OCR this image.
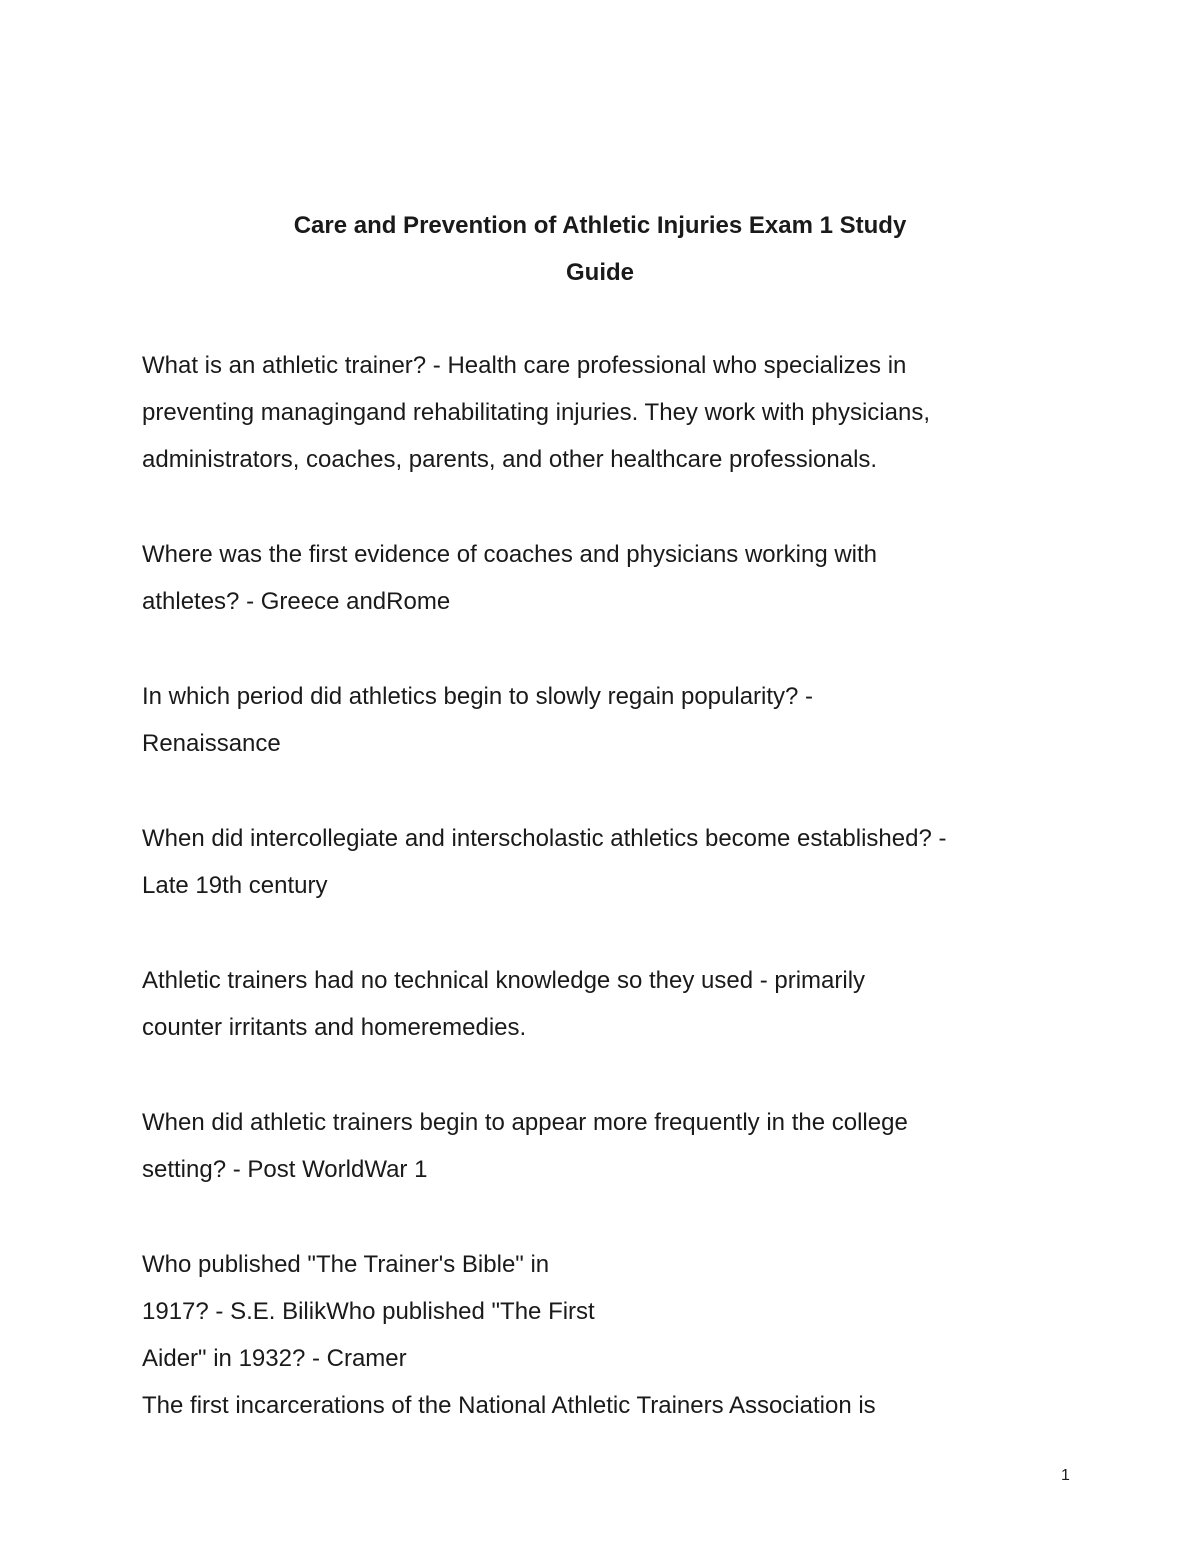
Care and Prevention of Athletic Injuries Exam 1 Study
Guide
What is an athletic trainer? - Health care professional who specializes in
preventing managingand rehabilitating injuries. They work with physicians,
administrators, coaches, parents, and other healthcare professionals.
Where was the first evidence of coaches and physicians working with
athletes? - Greece andRome
In which period did athletics begin to slowly regain popularity? -
Renaissance
When did intercollegiate and interscholastic athletics become established? -
Late 19th century
Athletic trainers had no technical knowledge so they used - primarily
counter irritants and homeremedies.
When did athletic trainers begin to appear more frequently in the college
setting? - Post WorldWar 1
Who published "The Trainer's Bible" in
1917? - S.E. BilikWho published "The First
Aider" in 1932? - Cramer
The first incarcerations of the National Athletic Trainers Association is
1
